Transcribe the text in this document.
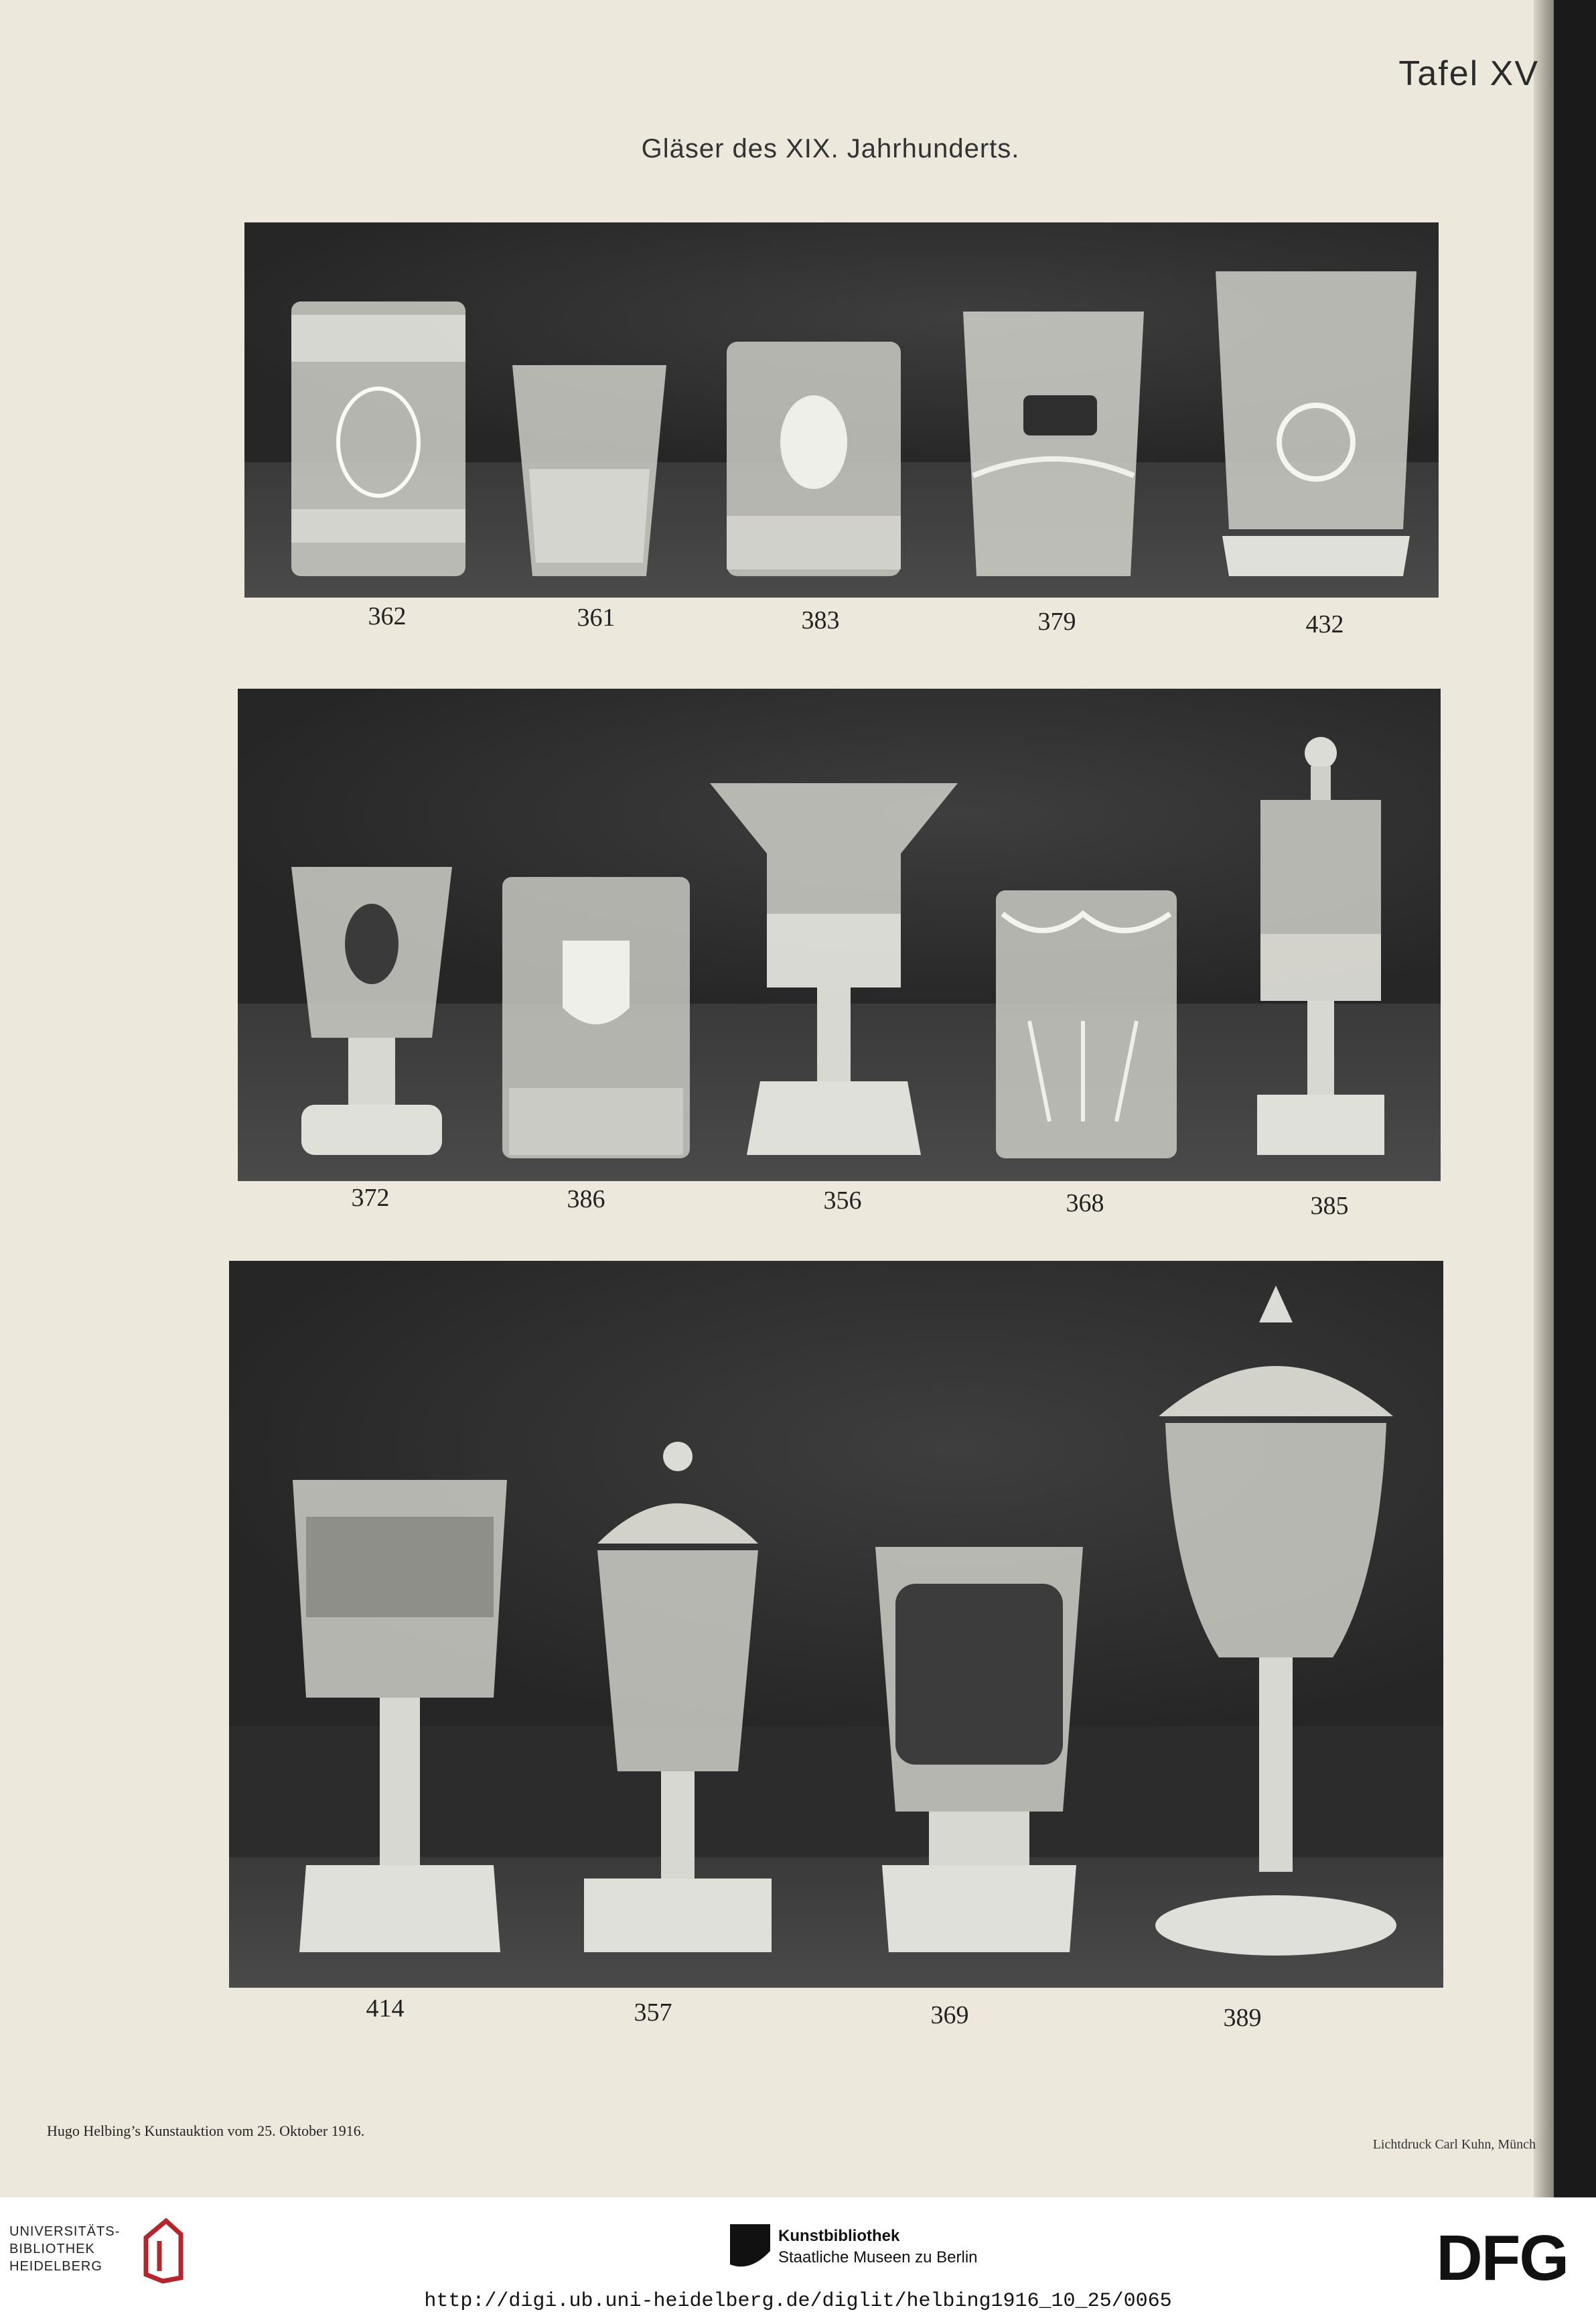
Tafel XV
Gläser des XIX. Jahrhunderts.
362	361	383	379	432
372	386	356	368	385
414	357	369	389
Hugo Helbing’s Kunstauktion vom 25. Oktober 1916.
Lichtdruck Carl Kuhn, Münch
UNIVERSITÄTS-
BIBLIOTHEK
HEIDELBERG
Kunstbibliothek
Staatliche Museen zu Berlin	DFG
http://digi.ub.uni-heidelberg.de/diglit/helbing1916_10_25/0065
